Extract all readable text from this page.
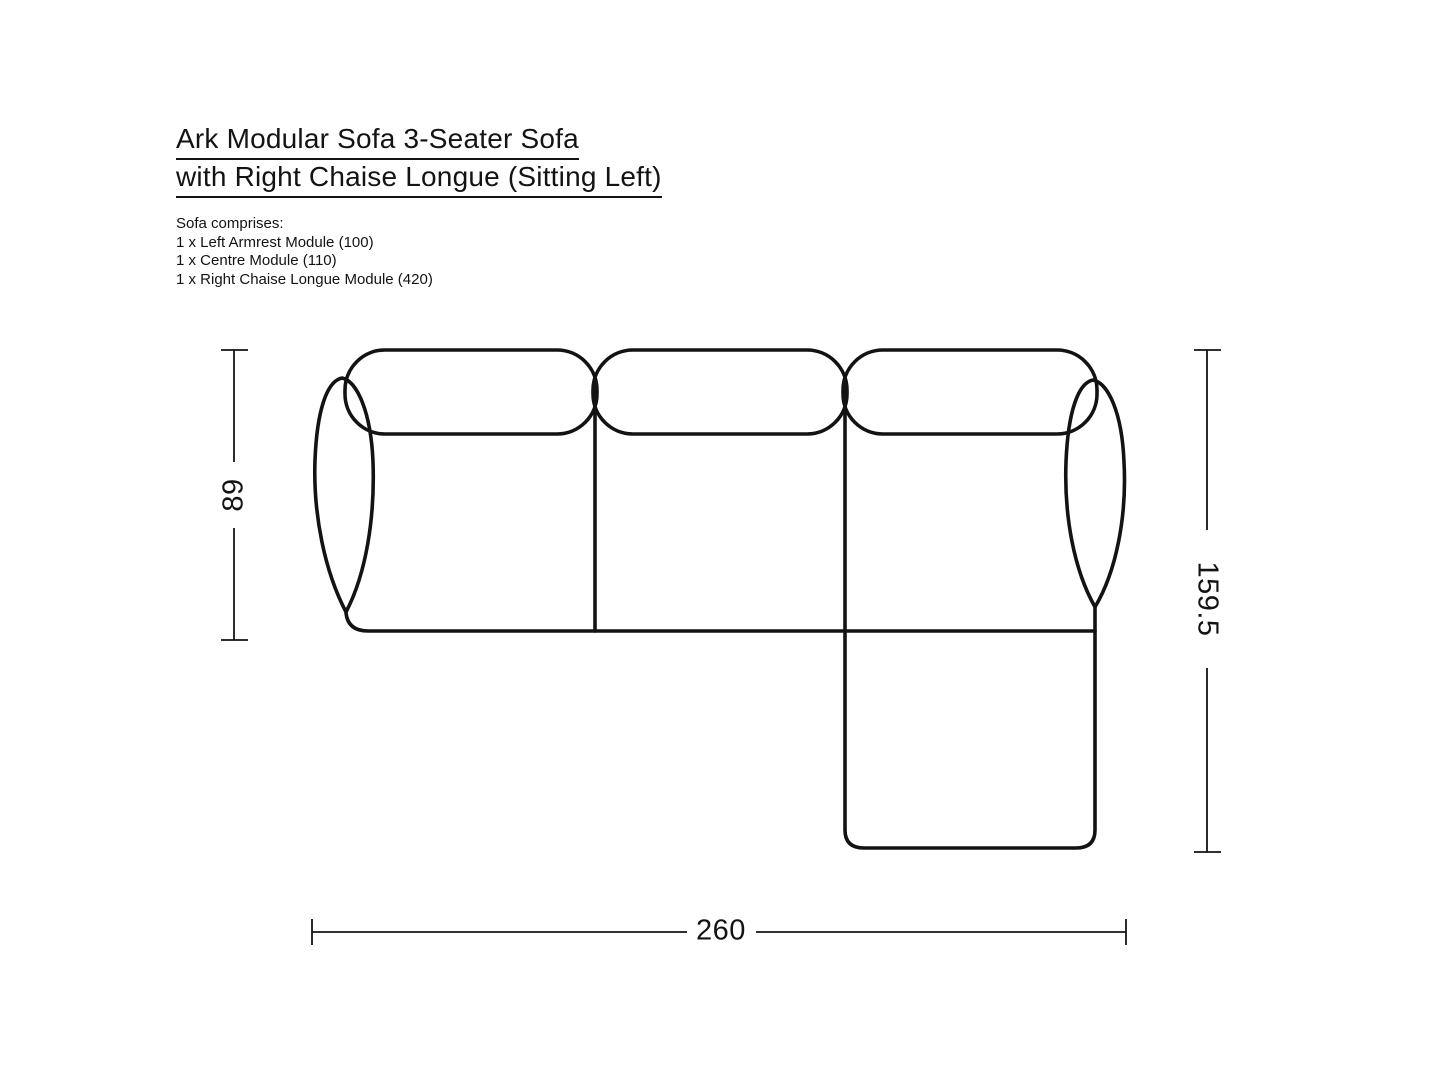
Ark Modular Sofa 3-Seater Sofa
with Right Chaise Longue (Sitting Left)
Sofa comprises:
1 x Left Armrest Module (100)
1 x Centre Module (110)
1 x Right Chaise Longue Module (420)
89
159.5
260
